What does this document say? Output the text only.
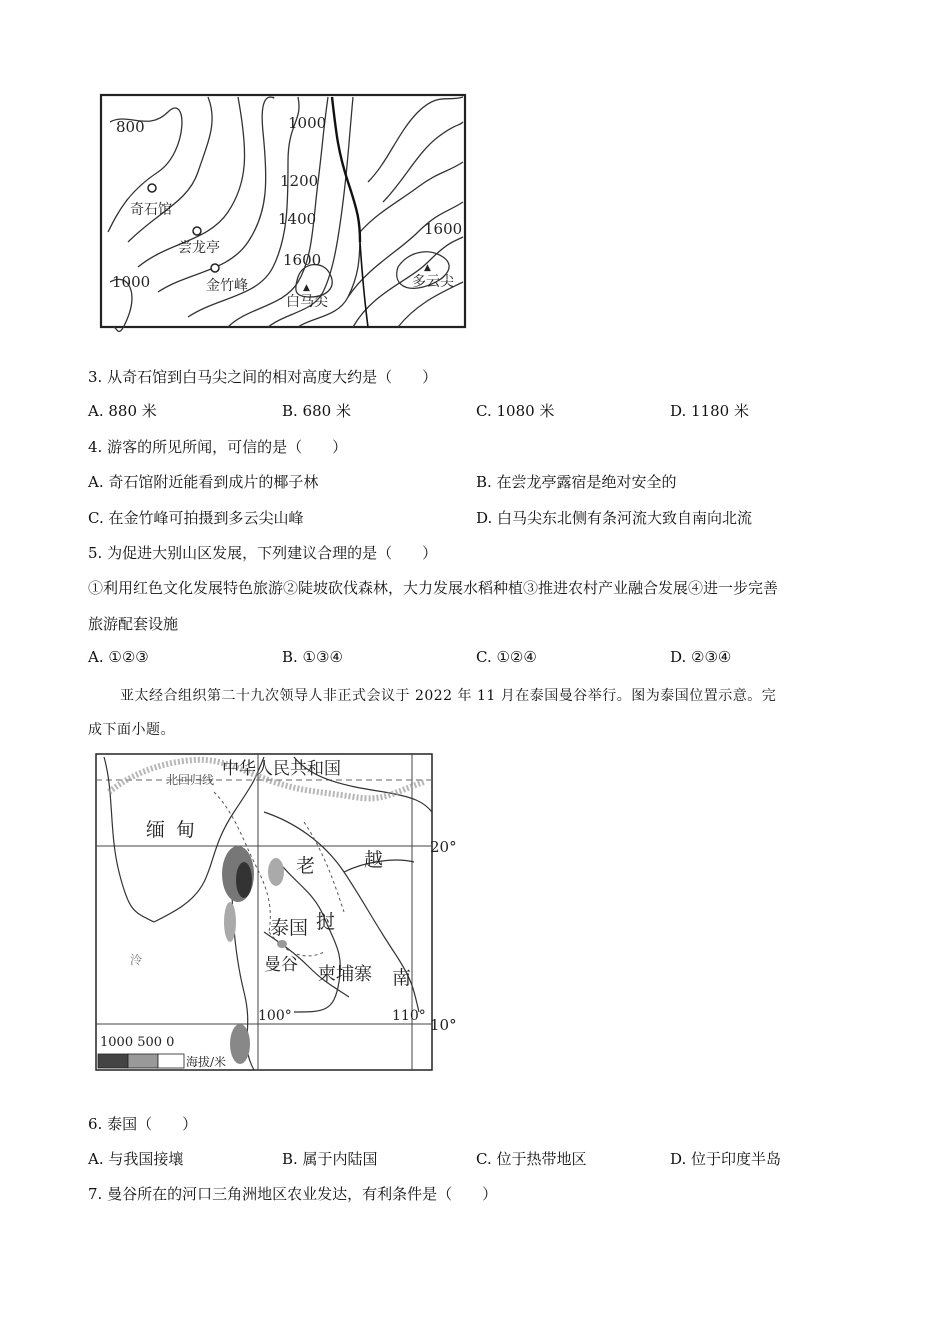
800	1000
1200
1400
1600
1600
1000	▲
▲
奇石馆
尝龙亭
金竹峰
白马尖
多云尖
3. 从奇石馆到白马尖之间的相对高度大约是（　　）
A. 880 米	B. 680 米	C. 1080 米	D. 1180 米
4. 游客的所见所闻，可信的是（　　）
A. 奇石馆附近能看到成片的椰子林	B. 在尝龙亭露宿是绝对安全的
C. 在金竹峰可拍摄到多云尖山峰	D. 白马尖东北侧有条河流大致自南向北流
5. 为促进大别山区发展，下列建议合理的是（　　）
①利用红色文化发展特色旅游②陡坡砍伐森林，大力发展水稻种植③推进农村产业融合发展④进一步完善
旅游配套设施
A. ①②③	B. ①③④	C. ①②④	D. ②③④
亚太经合组织第二十九次领导人非正式会议于 2022 年 11 月在泰国曼谷举行。图为泰国位置示意。完
成下面小题。
北回归线
中华人民共和国
缅 甸
老	越
泰国 挝
曼谷 柬埔寨 南
泠
20°
10°
100°	110°
1000 500 0
海拔/米
6. 泰国（　　）
A. 与我国接壤	B. 属于内陆国	C. 位于热带地区	D. 位于印度半岛
7. 曼谷所在的河口三角洲地区农业发达，有利条件是（　　）
